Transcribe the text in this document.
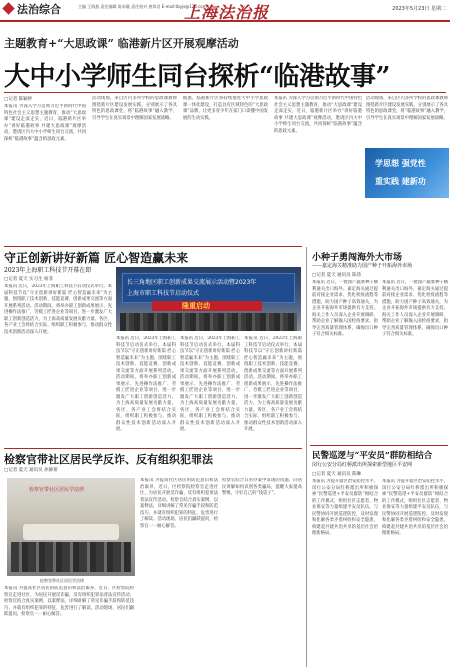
法治综合	主编 王海燕 责任编辑 陈承璇 责任校对 唐邦君 E-mail:tbyjs@126.com
上海法治报	2023年5月23日 星期二
主题教育+“大思政课” 临港新片区开展观摩活动
大中小学师生同台探析“临港故事”
□记者 陈颖婷
本报讯 为深入学习贯彻习近平新时代中国特色社会主义思想主题教育，推动“大思政课”建设走深走实，近日，临港新片区举办“讲好临港故事 共建大思政课”观摩活动，邀请区内大中小学师生同台交流，共同探析“临港故事”蕴含的思政元素。
活动现场，来自区内多所学校的思政课教师围绕新片区建设发展实践，分别展示了各具特色的思政课堂，将“临港故事”融入教学，引导学生在真实场景中理解国家发展战略。
据悉，临港新片区将持续推进大中小学思政课一体化建设，打造具有区域特色的“大思政课”品牌，让更多青少年在家门口读懂中国发展的生动实践。
本报讯 为深入学习贯彻习近平新时代中国特色社会主义思想主题教育，推动“大思政课”建设走深走实，近日，临港新片区举办“讲好临港故事 共建大思政课”观摩活动，邀请区内大中小学师生同台交流，共同探析“临港故事”蕴含的思政元素。
活动现场，来自区内多所学校的思政课教师围绕新片区建设发展实践，分别展示了各具特色的思政课堂，将“临港故事”融入教学，引导学生在真实场景中理解国家发展战略。
学思想 强党性
重实践 建新功
守正创新讲好新篇 匠心智造赢未来
2023年上海职工科技节开幕在即
□记者 夏天 实习生 杨菲
本报讯 近日，2023年上海职工科技节启动仪式举行。本届科技节以“守正创新讲好新篇 匠心智造赢未来”为主题，围绕职工技术创新、技能竞赛、创新成果交流等方面开展系列活动。活动期间，将举办职工创新成果展示、先进操作法推广、劳模工匠进企业等项目，进一步激发广大职工创新创造活力，为上海高质量发展贡献力量。各区、各产业工会将结合实际，组织职工积极参与，推动群众性技术创新活动深入开展。
长三角地区职工创新成果交流展示活动暨2023年
上海市职工科技节启动仪式
隆重启动
本报讯 近日，2023年上海职工科技节启动仪式举行。本届科技节以“守正创新讲好新篇 匠心智造赢未来”为主题，围绕职工技术创新、技能竞赛、创新成果交流等方面开展系列活动。活动期间，将举办职工创新成果展示、先进操作法推广、劳模工匠进企业等项目，进一步激发广大职工创新创造活力，为上海高质量发展贡献力量。各区、各产业工会将结合实际，组织职工积极参与，推动群众性技术创新活动深入开展。
本报讯 近日，2023年上海职工科技节启动仪式举行。本届科技节以“守正创新讲好新篇 匠心智造赢未来”为主题，围绕职工技术创新、技能竞赛、创新成果交流等方面开展系列活动。活动期间，将举办职工创新成果展示、先进操作法推广、劳模工匠进企业等项目，进一步激发广大职工创新创造活力，为上海高质量发展贡献力量。各区、各产业工会将结合实际，组织职工积极参与，推动群众性技术创新活动深入开展。
本报讯 近日，2023年上海职工科技节启动仪式举行。本届科技节以“守正创新讲好新篇 匠心智造赢未来”为主题，围绕职工技术创新、技能竞赛、创新成果交流等方面开展系列活动。活动期间，将举办职工创新成果展示、先进操作法推广、劳模工匠进企业等项目，进一步激发广大职工创新创造活力，为上海高质量发展贡献力量。各区、各产业工会将结合实际，组织职工积极参与，推动群众性技术创新活动深入开展。
检察官带社区居民学反诈、反有组织犯罪法
□记者 夏天 通讯员 孙静蕾
检察官带社区居民学法律
检察官带社区居民学法律
本报讯 为提高社区居民的防范意识和法治素养，近日，区检察院检察官走进社区，为居民开展反诈骗、反有组织犯罪法普法宣传活动。检察官结合真实案例，以案释法，详细讲解了常见诈骗手段和防范技巧，并就有组织犯罪的特征、危害进行了解读。活动现场，居民们踊跃提问，检察官一一耐心解答。
本报讯 为提高社区居民的防范意识和法治素养，近日，区检察院检察官走进社区，为居民开展反诈骗、反有组织犯罪法普法宣传活动。检察官结合真实案例，以案释法，详细讲解了常见诈骗手段和防范技巧，并就有组织犯罪的特征、危害进行了解读。活动现场，居民们踊跃提问，检察官一一耐心解答。
检察官结合日常办案中发现的问题，向居民讲解如何识别各类骗局，提醒大家提高警惕，守好自己的“钱袋子”。
小种子勇闯海外大市场
——嘉定海关精准助力国产种子开拓海外市场
□记者 夏天 通讯员 陈琦
本报讯 近日，一批国产蔬菜种子顺利通关出口海外。嘉定海关通过提前对接企业需求、优化检疫流程等措施，助力国产种子高效通关，为企业开拓海外市场提供有力支持。海关工作人员深入企业开展调研，帮助企业了解输入国检疫要求，指导完善质量管理体系，确保出口种子符合相关标准。
本报讯 近日，一批国产蔬菜种子顺利通关出口海外。嘉定海关通过提前对接企业需求、优化检疫流程等措施，助力国产种子高效通关，为企业开拓海外市场提供有力支持。海关工作人员深入企业开展调研，帮助企业了解输入国检疫要求，指导完善质量管理体系，确保出口种子符合相关标准。
民警巡逻与“平安员”群防相结合
闵行公安分局红桥派出所探索新型地区平安网
□记者 夏天 通讯员 陈琳
本报讯 为提升辖区治安防控水平，闵行公安分局红桥派出所积极探索“民警巡逻+平安员群防”相结合的工作模式，组织社区志愿者、物业保安等力量组建平安员队伍，与民警协同开展巡逻防控，及时发现和化解各类矛盾纠纷和安全隐患，构建起共建共治共享的基层社会治理新格局。
本报讯 为提升辖区治安防控水平，闵行公安分局红桥派出所积极探索“民警巡逻+平安员群防”相结合的工作模式，组织社区志愿者、物业保安等力量组建平安员队伍，与民警协同开展巡逻防控，及时发现和化解各类矛盾纠纷和安全隐患，构建起共建共治共享的基层社会治理新格局。
